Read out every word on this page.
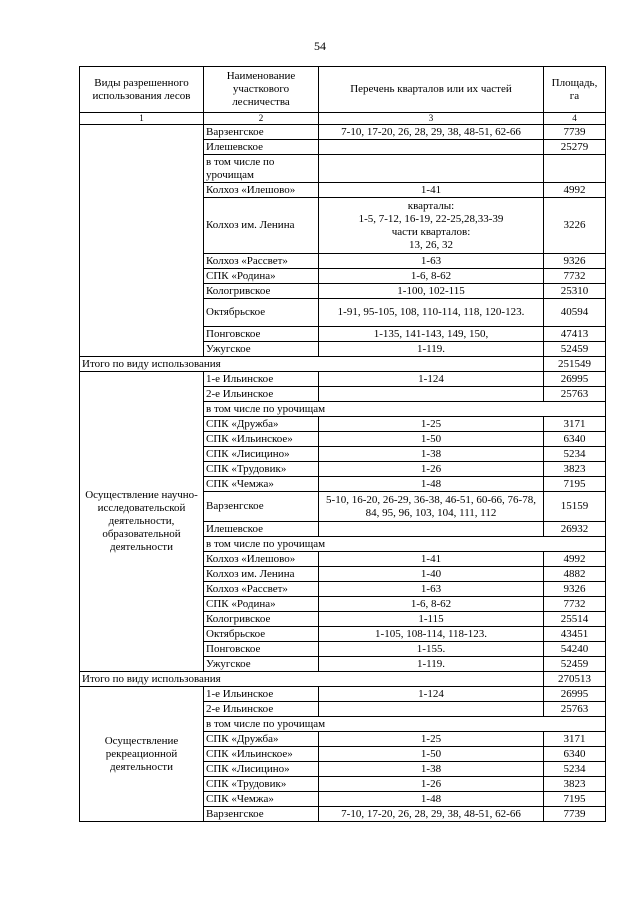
54
Виды разрешенного использования лесов	Наименование участкового лесничества	Перечень кварталов или их частей	Площадь, га
1	2	3	4
	Варзенгское	7-10, 17-20, 26, 28, 29, 38, 48-51, 62-66	7739
	Илешевское		25279
	в том числе по урочищам		
	Колхоз «Илешово»	1-41	4992
	Колхоз им. Ленина	кварталы:
1-5, 7-12, 16-19, 22-25,28,33-39
части кварталов:
13, 26, 32	3226
	Колхоз «Рассвет»	1-63	9326
	СПК «Родина»	1-6, 8-62	7732
	Кологривское	1-100, 102-115	25310
	Октябрьское	1-91, 95-105, 108, 110-114, 118, 120-123.	40594
	Понговское	1-135, 141-143, 149, 150,	47413
	Ужугское	1-119.	52459
Итого по виду использования			251549
Осуществление научно-исследовательской деятельности, образовательной деятельности	1-е Ильинское	1-124	26995
	2-е Ильинское		25763
	в том числе по урочищам		
	СПК «Дружба»	1-25	3171
	СПК «Ильинское»	1-50	6340
	СПК «Лисицино»	1-38	5234
	СПК «Трудовик»	1-26	3823
	СПК «Чемжа»	1-48	7195
	Варзенгское	5-10, 16-20, 26-29, 36-38, 46-51, 60-66, 76-78, 84, 95, 96, 103, 104, 111, 112	15159
	Илешевское		26932
	в том числе по урочищам		
	Колхоз «Илешово»	1-41	4992
	Колхоз им. Ленина	1-40	4882
	Колхоз «Рассвет»	1-63	9326
	СПК «Родина»	1-6, 8-62	7732
	Кологривское	1-115	25514
	Октябрьское	1-105, 108-114, 118-123.	43451
	Понговское	1-155.	54240
	Ужугское	1-119.	52459
Итого по виду использования			270513
Осуществление рекреационной деятельности	1-е Ильинское	1-124	26995
	2-е Ильинское		25763
	в том числе по урочищам		
	СПК «Дружба»	1-25	3171
	СПК «Ильинское»	1-50	6340
	СПК «Лисицино»	1-38	5234
	СПК «Трудовик»	1-26	3823
	СПК «Чемжа»	1-48	7195
	Варзенгское	7-10, 17-20, 26, 28, 29, 38, 48-51, 62-66	7739
